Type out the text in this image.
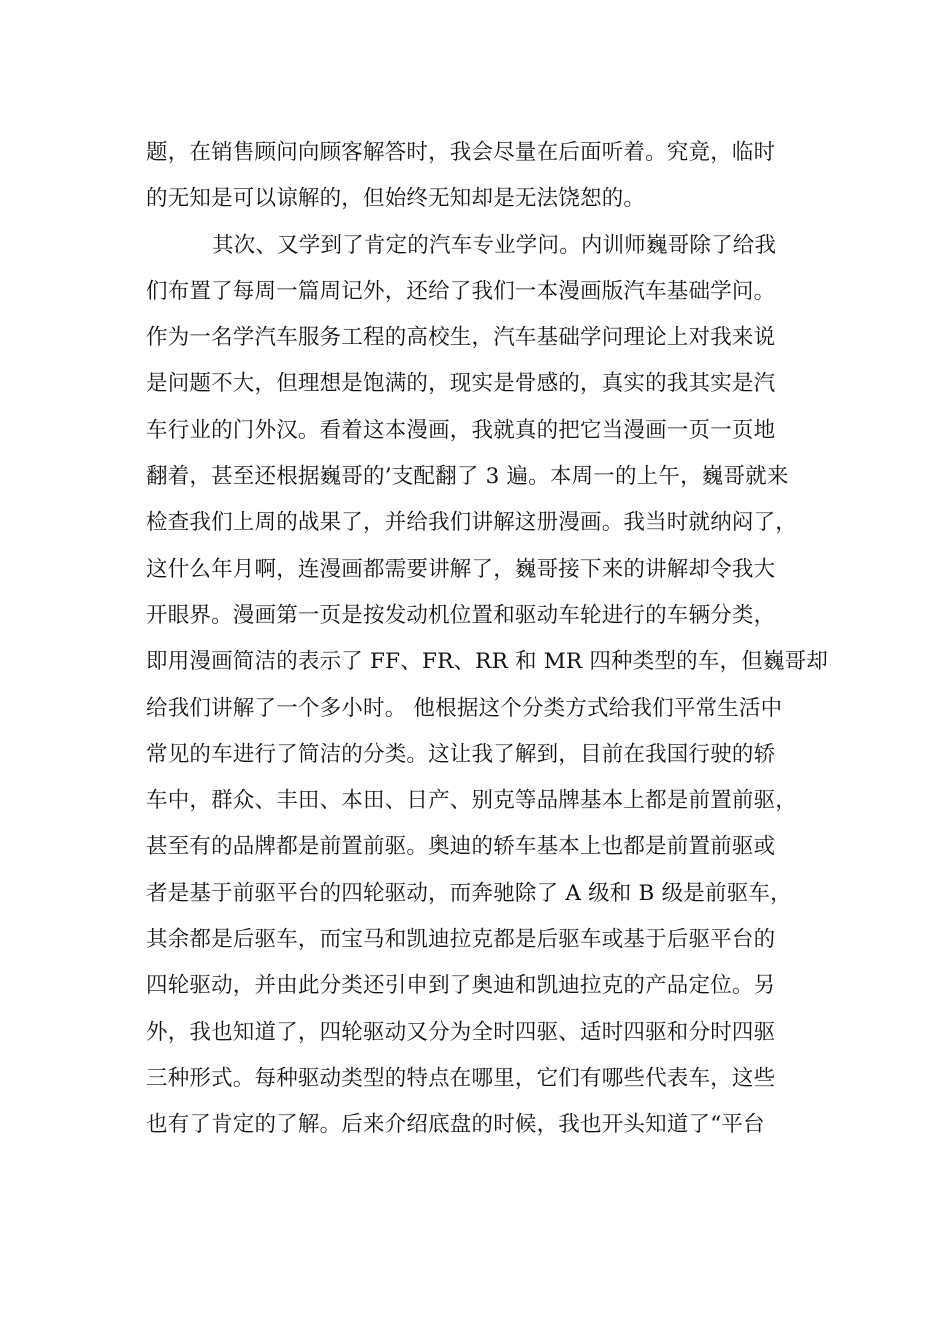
题，在销售顾问向顾客解答时，我会尽量在后面听着。究竟，临时
的无知是可以谅解的，但始终无知却是无法饶恕的。
其次、又学到了肯定的汽车专业学问。内训师巍哥除了给我
们布置了每周一篇周记外，还给了我们一本漫画版汽车基础学问。
作为一名学汽车服务工程的高校生，汽车基础学问理论上对我来说
是问题不大，但理想是饱满的，现实是骨感的，真实的我其实是汽
车行业的门外汉。看着这本漫画，我就真的把它当漫画一页一页地
翻着，甚至还根据巍哥的’支配翻了 3 遍。本周一的上午，巍哥就来
检查我们上周的战果了，并给我们讲解这册漫画。我当时就纳闷了，
这什么年月啊，连漫画都需要讲解了，巍哥接下来的讲解却令我大
开眼界。漫画第一页是按发动机位置和驱动车轮进行的车辆分类，
即用漫画简洁的表示了 FF、FR、RR 和 MR 四种类型的车，但巍哥却
给我们讲解了一个多小时。 他根据这个分类方式给我们平常生活中
常见的车进行了简洁的分类。这让我了解到，目前在我国行驶的轿
车中，群众、丰田、本田、日产、别克等品牌基本上都是前置前驱，
甚至有的品牌都是前置前驱。奥迪的轿车基本上也都是前置前驱或
者是基于前驱平台的四轮驱动，而奔驰除了 A 级和 B 级是前驱车，
其余都是后驱车，而宝马和凯迪拉克都是后驱车或基于后驱平台的
四轮驱动，并由此分类还引申到了奥迪和凯迪拉克的产品定位。另
外，我也知道了，四轮驱动又分为全时四驱、适时四驱和分时四驱
三种形式。每种驱动类型的特点在哪里，它们有哪些代表车，这些
也有了肯定的了解。后来介绍底盘的时候，我也开头知道了“平台
